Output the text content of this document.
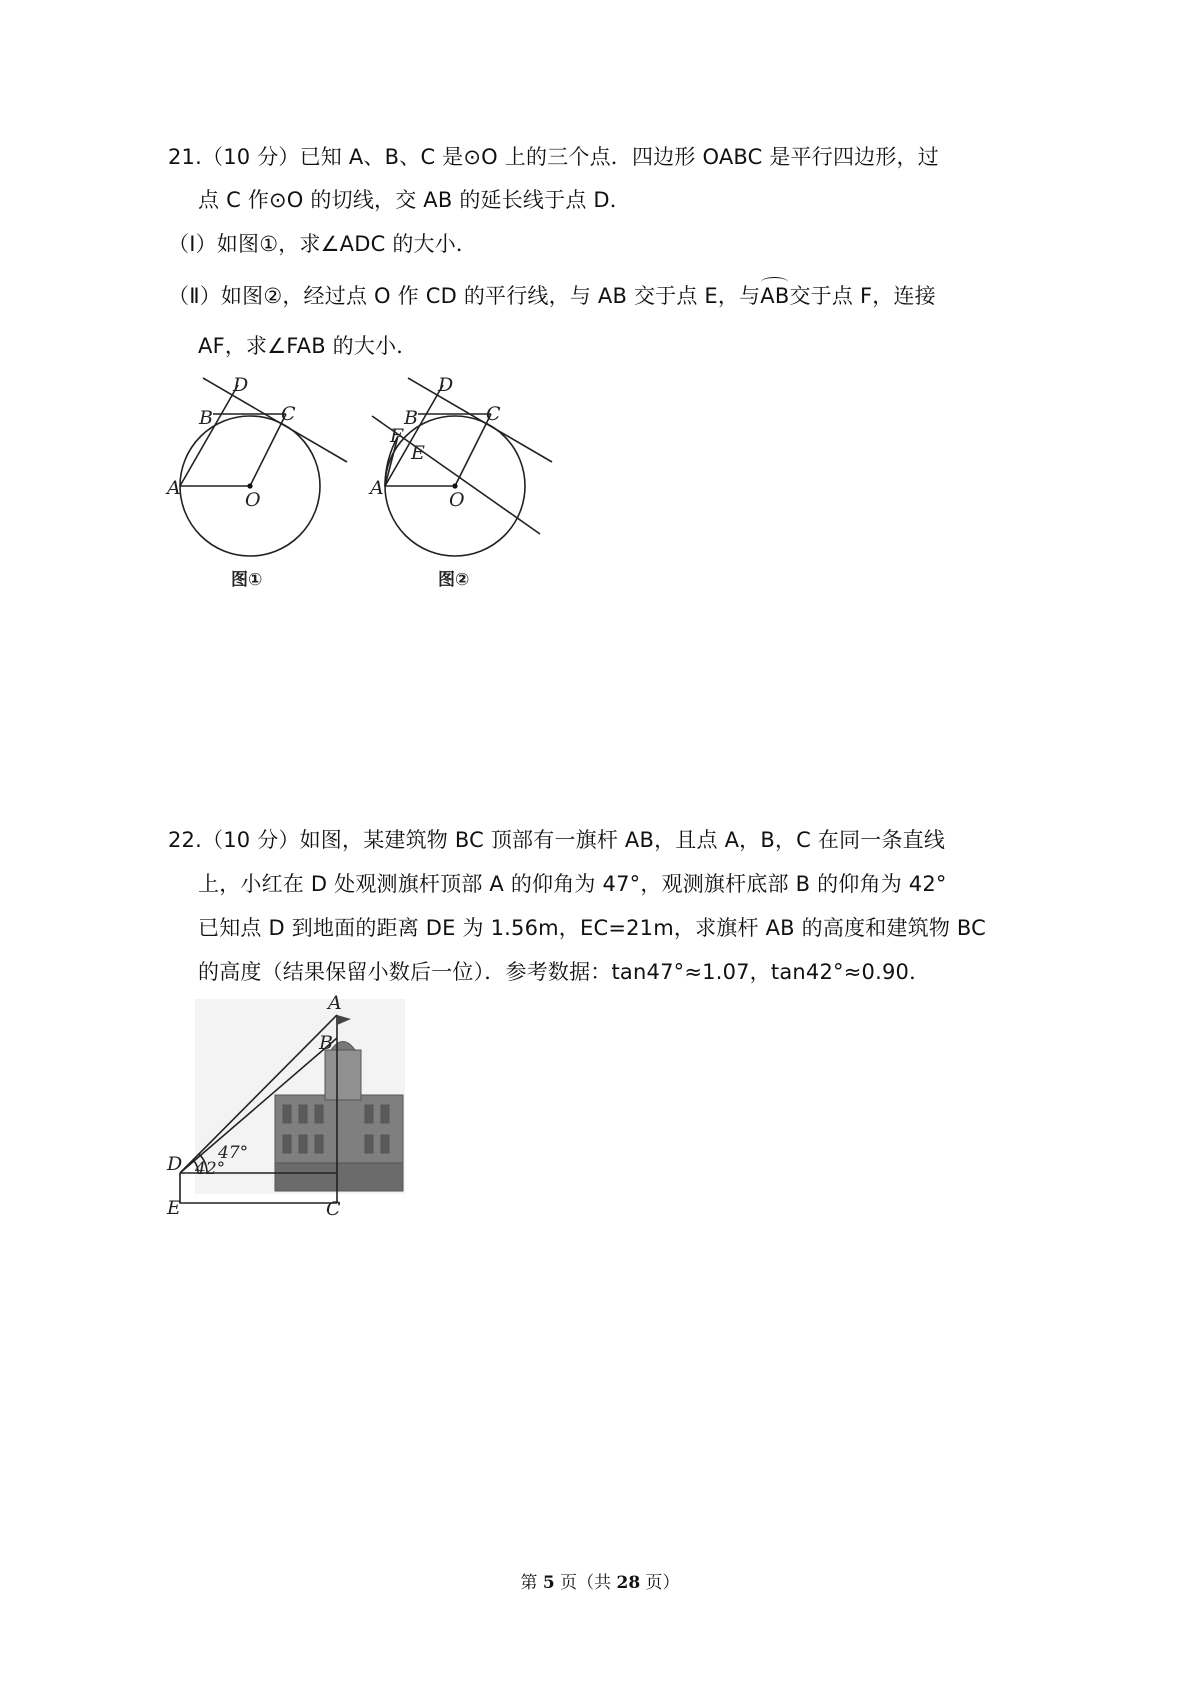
21.（10 分）已知 A、B、C 是⊙O 上的三个点．四边形 OABC 是平行四边形，过
点 C 作⊙O 的切线，交 AB 的延长线于点 D．
（Ⅰ）如图①，求∠ADC 的大小．
（Ⅱ）如图②，经过点 O 作 CD 的平行线，与 AB 交于点 E，与AB交于点 F，连接
AF，求∠FAB 的大小．
D
B	C
A
O
图①
D
B	C
F
E
A
O
图②
22.（10 分）如图，某建筑物 BC 顶部有一旗杆 AB，且点 A，B，C 在同一条直线
上，小红在 D 处观测旗杆顶部 A 的仰角为 47°，观测旗杆底部 B 的仰角为 42°
已知点 D 到地面的距离 DE 为 1.56m，EC=21m，求旗杆 AB 的高度和建筑物 BC
的高度（结果保留小数后一位）．参考数据：tan47°≈1.07，tan42°≈0.90．
A
B
D
E	C
47°
42°
第 5 页（共 28 页）
